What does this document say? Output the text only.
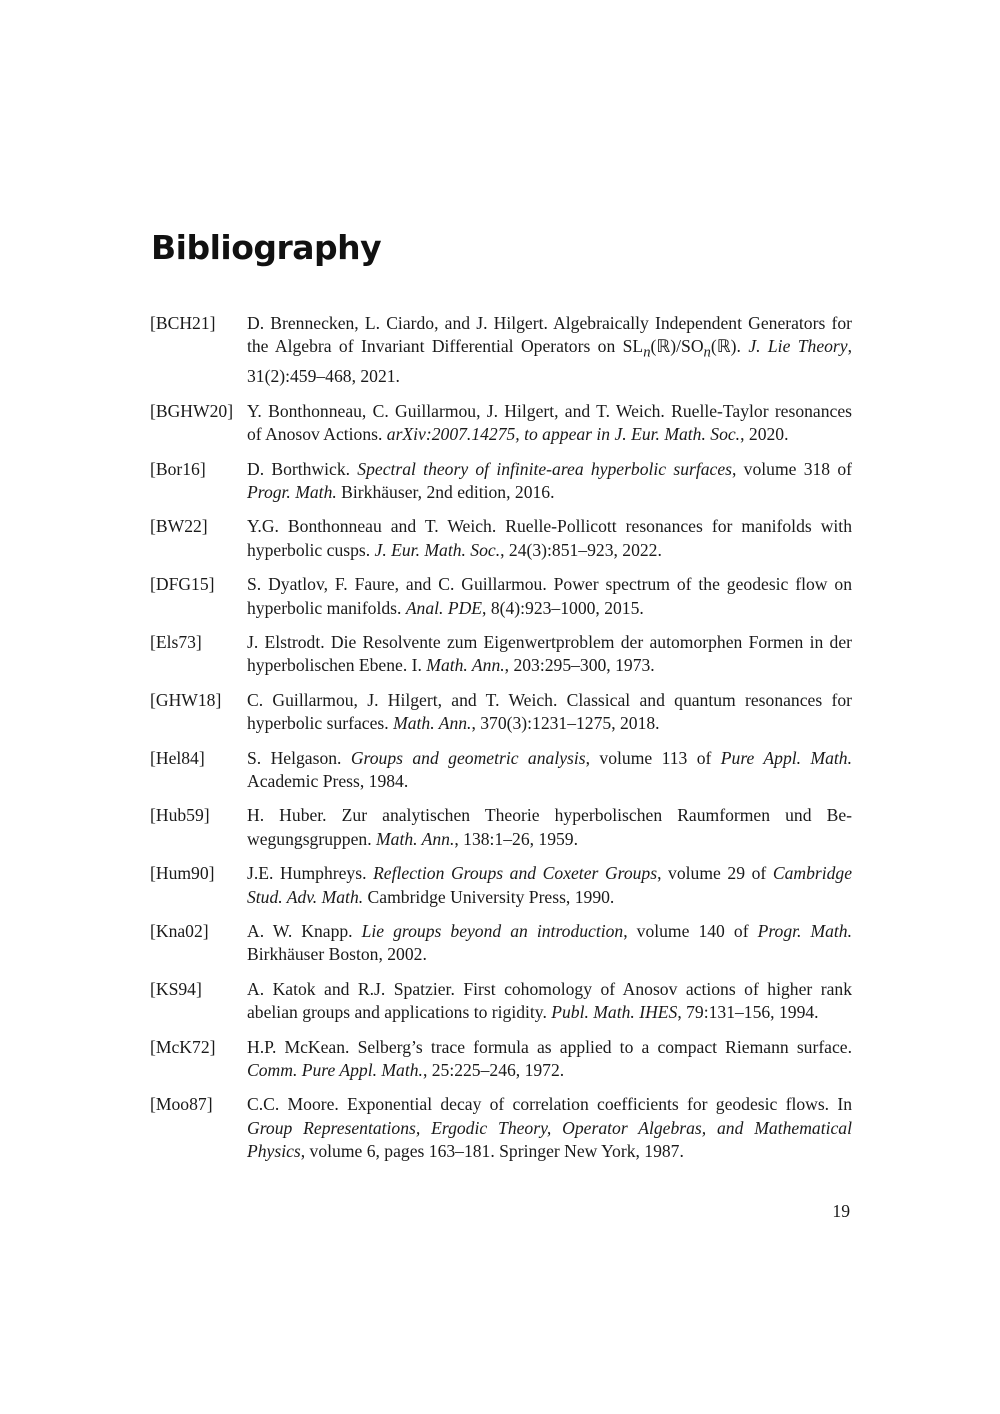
Bibliography
[BCH21]	D. Brennecken, L. Ciardo, and J. Hilgert. Algebraically Independent Generators for the Algebra of Invariant Differential Operators on $SL_n(ℝ)/SO_n(ℝ)$. J. Lie Theory, 31(2):459–468, 2021.
[BGHW20] Y. Bonthonneau, C. Guillarmou, J. Hilgert, and T. Weich. Ruelle-Taylor resonances of Anosov Actions. arXiv:2007.14275, to appear in J. Eur. Math. Soc., 2020.
[Bor16]	D. Borthwick. Spectral theory of infinite-area hyperbolic surfaces, volume 318 of Progr. Math. Birkhäuser, 2nd edition, 2016.
[BW22]	Y.G. Bonthonneau and T. Weich. Ruelle-Pollicott resonances for manifolds with hyperbolic cusps. J. Eur. Math. Soc., 24(3):851–923, 2022.
[DFG15]	S. Dyatlov, F. Faure, and C. Guillarmou. Power spectrum of the geodesic flow on hyperbolic manifolds. Anal. PDE, 8(4):923–1000, 2015.
[Els73]	J. Elstrodt. Die Resolvente zum Eigenwertproblem der automorphen Formen in der hyperbolischen Ebene. I. Math. Ann., 203:295–300, 1973.
[GHW18]	C. Guillarmou, J. Hilgert, and T. Weich. Classical and quantum resonances for hyperbolic surfaces. Math. Ann., 370(3):1231–1275, 2018.
[Hel84]	S. Helgason. Groups and geometric analysis, volume 113 of Pure Appl. Math. Academic Press, 1984.
[Hub59]	H. Huber. Zur analytischen Theorie hyperbolischen Raumformen und Bewegungsgruppen. Math. Ann., 138:1–26, 1959.
[Hum90]	J.E. Humphreys. Reflection Groups and Coxeter Groups, volume 29 of Cambridge Stud. Adv. Math. Cambridge University Press, 1990.
[Kna02]	A. W. Knapp. Lie groups beyond an introduction, volume 140 of Progr. Math. Birkhäuser Boston, 2002.
[KS94]	A. Katok and R.J. Spatzier. First cohomology of Anosov actions of higher rank abelian groups and applications to rigidity. Publ. Math. IHES, 79:131–156, 1994.
[McK72]	H.P. McKean. Selberg’s trace formula as applied to a compact Riemann surface. Comm. Pure Appl. Math., 25:225–246, 1972.
[Moo87]	C.C. Moore. Exponential decay of correlation coefficients for geodesic flows. In Group Representations, Ergodic Theory, Operator Algebras, and Mathematical Physics, volume 6, pages 163–181. Springer New York, 1987.
19
